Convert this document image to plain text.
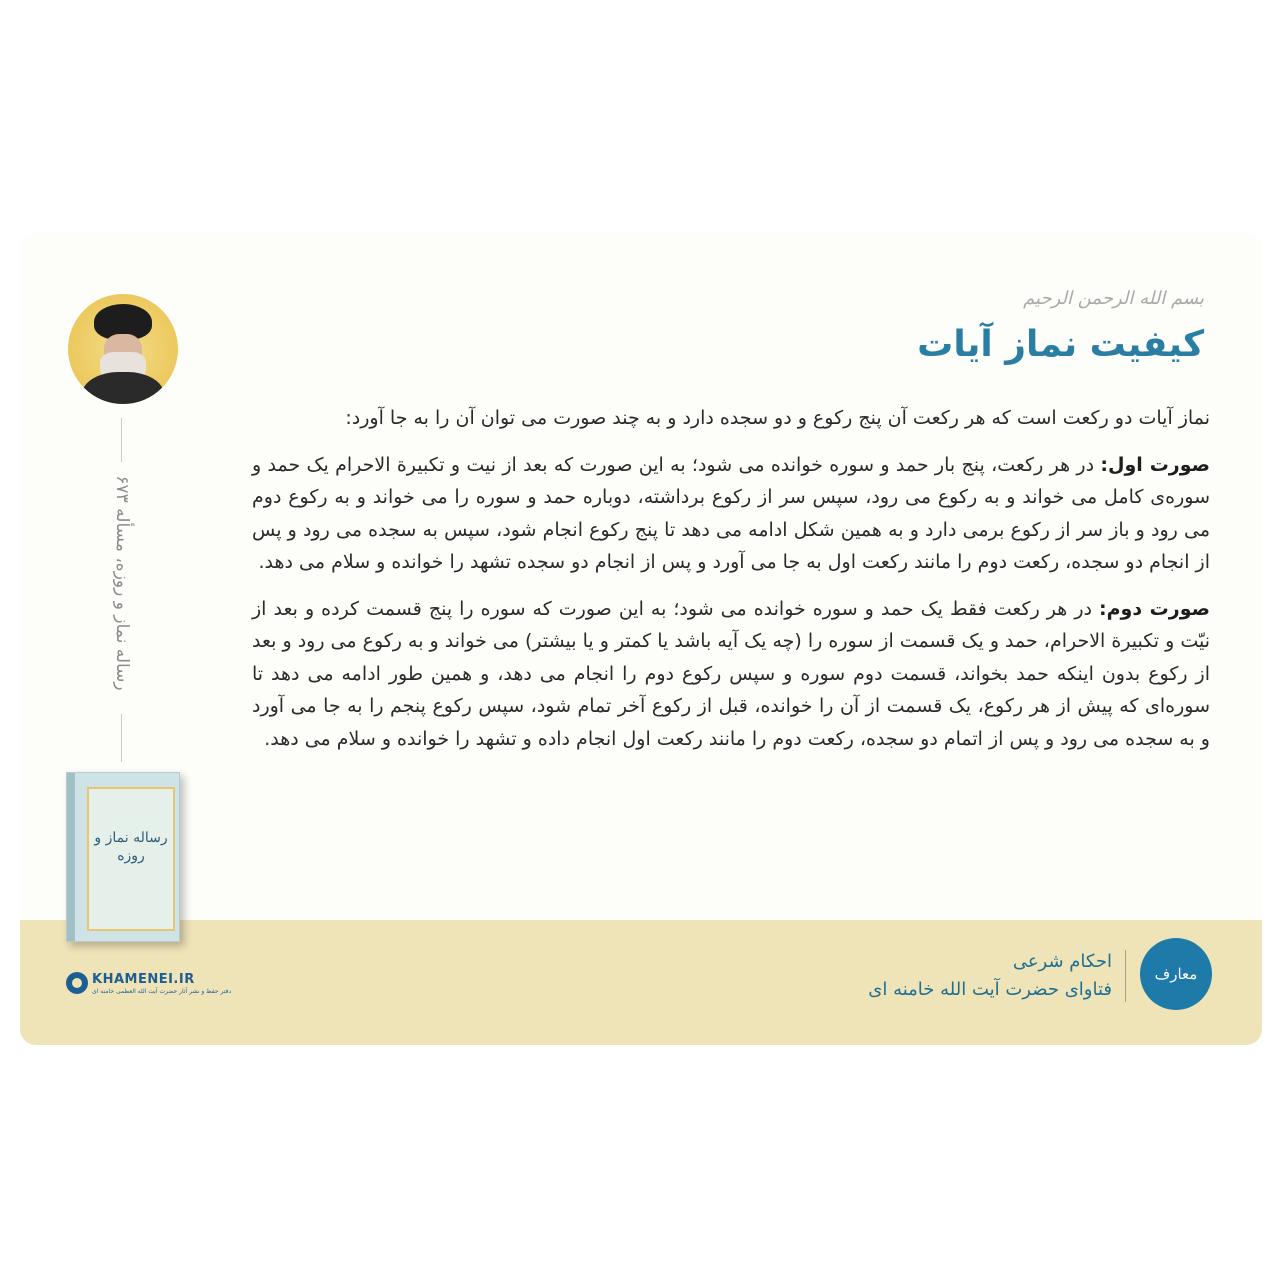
رساله نماز و روزه، مسأله ۶۷۳
رساله نماز و روزه
KHAMENEI.IR
دفتر حفظ و نشر آثار حضرت آیت الله العظمی خامنه ای
بسم الله الرحمن الرحیم
کیفیت نماز آیات

نماز آیات دو رکعت است که هر رکعت آن پنج رکوع و دو سجده دارد و به چند صورت می توان آن را به جا آورد:

صورت اول: در هر رکعت، پنج بار حمد و سوره خوانده می شود؛ به این صورت که بعد از نیت و تکبیرة الاحرام یک حمد و سوره‌ی کامل می خواند و به رکوع می رود، سپس سر از رکوع برداشته، دوباره حمد و سوره را می خواند و به رکوع دوم می رود و باز سر از رکوع برمی دارد و به همین شکل ادامه می دهد تا پنج رکوع انجام شود، سپس به سجده می رود و پس از انجام دو سجده، رکعت دوم را مانند رکعت اول به جا می آورد و پس از انجام دو سجده تشهد را خوانده و سلام می دهد.

صورت دوم: در هر رکعت فقط یک حمد و سوره خوانده می شود؛ به این صورت که سوره را پنج قسمت کرده و بعد از نیّت و تکبیرة الاحرام، حمد و یک قسمت از سوره را (چه یک آیه باشد یا کمتر و یا بیشتر) می خواند و به رکوع می رود و بعد از رکوع بدون اینکه حمد بخواند، قسمت دوم سوره و سپس رکوع دوم را انجام می دهد، و همین طور ادامه می دهد تا سوره‌ای که پیش از هر رکوع، یک قسمت از آن را خوانده، قبل از رکوع آخر تمام شود، سپس رکوع پنجم را به جا می آورد و به سجده می رود و پس از اتمام دو سجده، رکعت دوم را مانند رکعت اول انجام داده و تشهد را خوانده و سلام می دهد.

احکام شرعی
فتاوای حضرت آیت الله خامنه ای
معارف
